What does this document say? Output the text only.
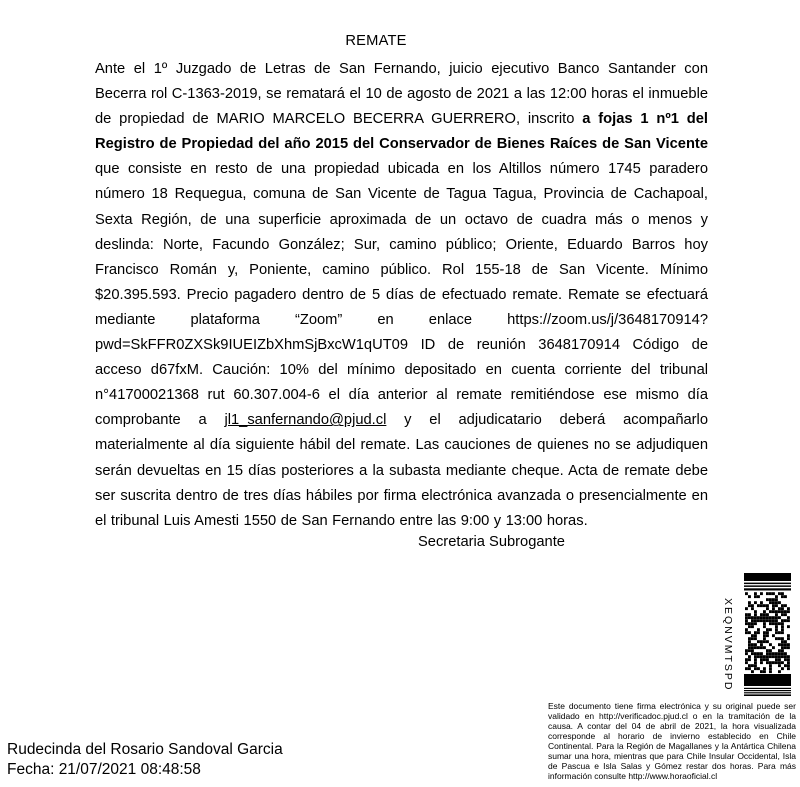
REMATE
Ante el 1º Juzgado de Letras de San Fernando, juicio ejecutivo Banco Santander con Becerra rol C-1363-2019, se rematará el 10 de agosto de 2021 a las 12:00 horas el inmueble de propiedad de MARIO MARCELO BECERRA GUERRERO, inscrito a fojas 1 nº1 del Registro de Propiedad del año 2015 del Conservador de Bienes Raíces de San Vicente que consiste en resto de una propiedad ubicada en los Altillos número 1745 paradero número 18 Requegua, comuna de San Vicente de Tagua Tagua, Provincia de Cachapoal, Sexta Región, de una superficie aproximada de un octavo de cuadra más o menos y deslinda: Norte, Facundo González; Sur, camino público; Oriente, Eduardo Barros hoy Francisco Román y, Poniente, camino público. Rol 155-18 de San Vicente. Mínimo $20.395.593. Precio pagadero dentro de 5 días de efectuado remate. Remate se efectuará mediante plataforma “Zoom” en enlace https://zoom.us/j/3648170914?pwd=SkFFR0ZXSk9IUEIZbXhmSjBxcW1qUT09 ID de reunión 3648170914 Código de acceso d67fxM. Caución: 10% del mínimo depositado en cuenta corriente del tribunal n°41700021368 rut 60.307.004-6 el día anterior al remate remitiéndose ese mismo día comprobante a jl1_sanfernando@pjud.cl y el adjudicatario deberá acompañarlo materialmente al día siguiente hábil del remate. Las cauciones de quienes no se adjudiquen serán devueltas en 15 días posteriores a la subasta mediante cheque. Acta de remate debe ser suscrita dentro de tres días hábiles por firma electrónica avanzada o presencialmente en el tribunal Luis Amesti 1550 de San Fernando entre las 9:00 y 13:00 horas.
Secretaria Subrogante
XEQNVMTSPD
Este documento tiene firma electrónica y su original puede ser validado en http://verificadoc.pjud.cl o en la tramitación de la causa. A contar del 04 de abril de 2021, la hora visualizada corresponde al horario de invierno establecido en Chile Continental. Para la Región de Magallanes y la Antártica Chilena sumar una hora, mientras que para Chile Insular Occidental, Isla de Pascua e Isla Salas y Gómez restar dos horas. Para más información consulte http://www.horaoficial.cl
Rudecinda del Rosario Sandoval Garcia
Fecha: 21/07/2021 08:48:58
